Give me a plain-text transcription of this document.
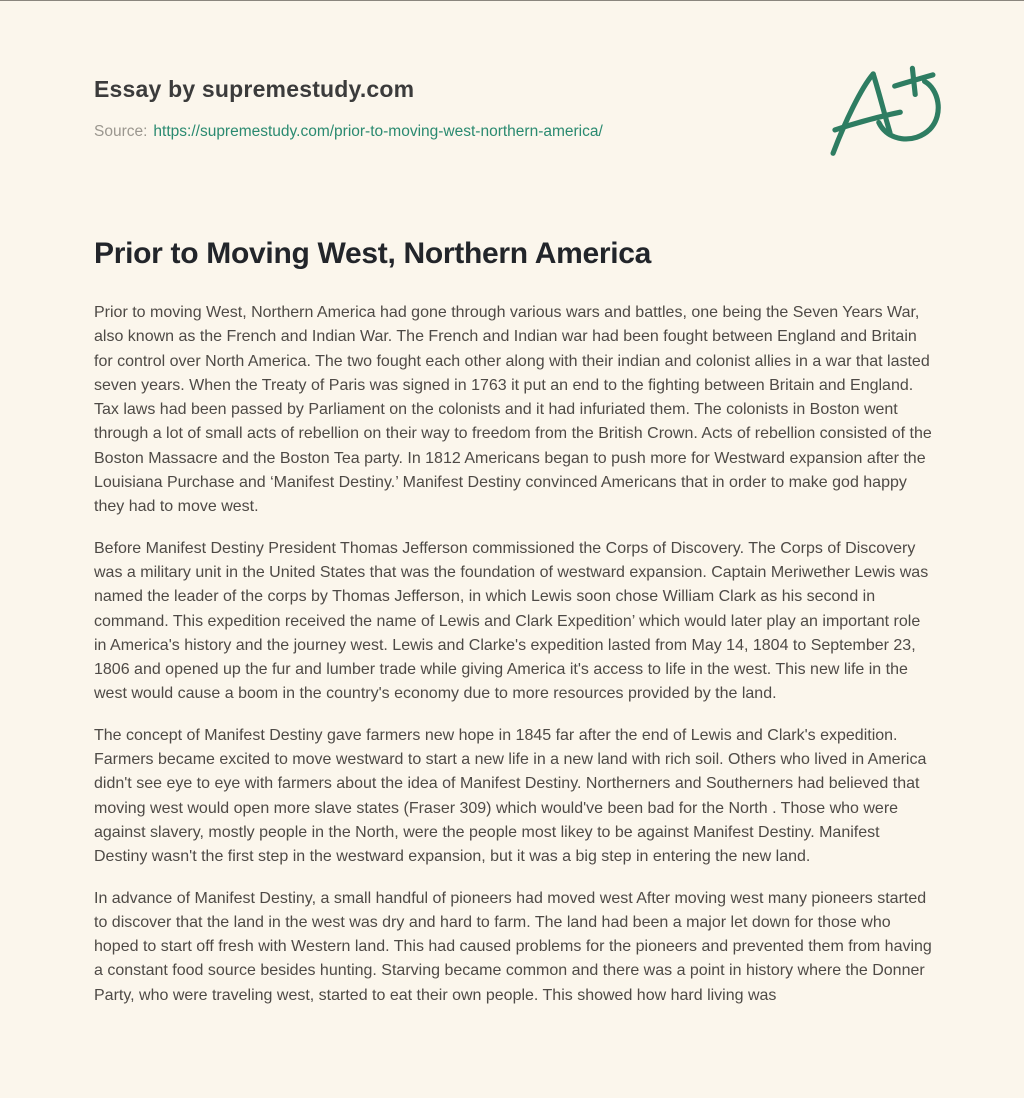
Essay by supremestudy.com
Source: https://supremestudy.com/prior-to-moving-west-northern-america/
Prior to Moving West, Northern America

Prior to moving West, Northern America had gone through various wars and battles, one being the Seven Years War, also known as the French and Indian War. The French and Indian war had been fought between England and Britain for control over North America. The two fought each other along with their indian and colonist allies in a war that lasted seven years. When the Treaty of Paris was signed in 1763 it put an end to the fighting between Britain and England. Tax laws had been passed by Parliament on the colonists and it had infuriated them. The colonists in Boston went through a lot of small acts of rebellion on their way to freedom from the British Crown. Acts of rebellion consisted of the Boston Massacre and the Boston Tea party. In 1812 Americans began to push more for Westward expansion after the Louisiana Purchase and ‘Manifest Destiny.’ Manifest Destiny convinced Americans that in order to make god happy they had to move west.

Before Manifest Destiny President Thomas Jefferson commissioned the Corps of Discovery. The Corps of Discovery was a military unit in the United States that was the foundation of westward expansion. Captain Meriwether Lewis was named the leader of the corps by Thomas Jefferson, in which Lewis soon chose William Clark as his second in command. This expedition received the name of Lewis and Clark Expedition’ which would later play an important role in America's history and the journey west. Lewis and Clarke's expedition lasted from May 14, 1804 to September 23, 1806 and opened up the fur and lumber trade while giving America it's access to life in the west. This new life in the west would cause a boom in the country's economy due to more resources provided by the land.

The concept of Manifest Destiny gave farmers new hope in 1845 far after the end of Lewis and Clark's expedition. Farmers became excited to move westward to start a new life in a new land with rich soil. Others who lived in America didn't see eye to eye with farmers about the idea of Manifest Destiny. Northerners and Southerners had believed that moving west would open more slave states (Fraser 309) which would've been bad for the North . Those who were against slavery, mostly people in the North, were the people most likey to be against Manifest Destiny. Manifest Destiny wasn't the first step in the westward expansion, but it was a big step in entering the new land.

In advance of Manifest Destiny, a small handful of pioneers had moved west After moving west many pioneers started to discover that the land in the west was dry and hard to farm. The land had been a major let down for those who hoped to start off fresh with Western land. This had caused problems for the pioneers and prevented them from having a constant food source besides hunting. Starving became common and there was a point in history where the Donner Party, who were traveling west, started to eat their own people. This showed how hard living was
